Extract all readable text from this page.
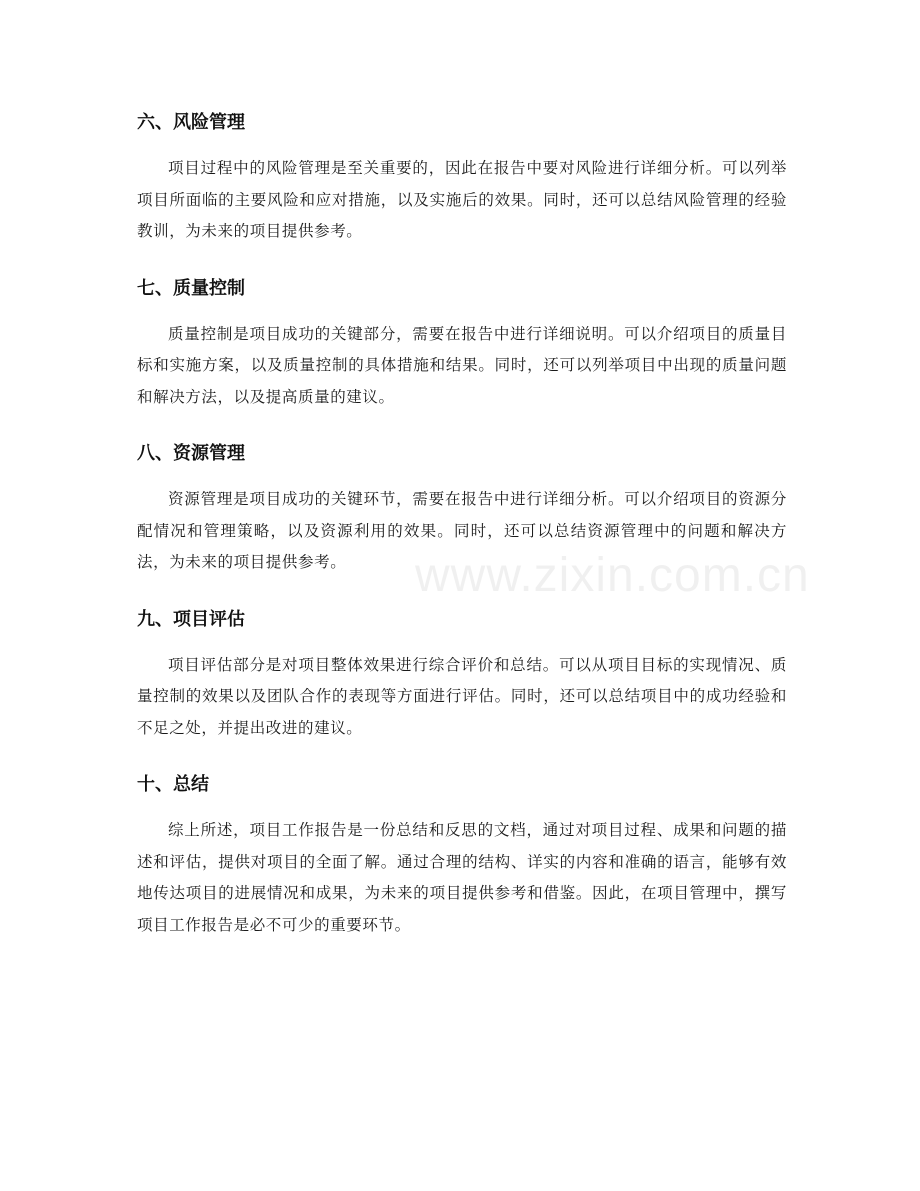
六、风险管理

项目过程中的风险管理是至关重要的，因此在报告中要对风险进行详细分析。可以列举项目所面临的主要风险和应对措施，以及实施后的效果。同时，还可以总结风险管理的经验教训，为未来的项目提供参考。

七、质量控制

质量控制是项目成功的关键部分，需要在报告中进行详细说明。可以介绍项目的质量目标和实施方案，以及质量控制的具体措施和结果。同时，还可以列举项目中出现的质量问题和解决方法，以及提高质量的建议。

八、资源管理

资源管理是项目成功的关键环节，需要在报告中进行详细分析。可以介绍项目的资源分配情况和管理策略，以及资源利用的效果。同时，还可以总结资源管理中的问题和解决方法，为未来的项目提供参考。

九、项目评估

项目评估部分是对项目整体效果进行综合评价和总结。可以从项目目标的实现情况、质量控制的效果以及团队合作的表现等方面进行评估。同时，还可以总结项目中的成功经验和不足之处，并提出改进的建议。

十、总结

综上所述，项目工作报告是一份总结和反思的文档，通过对项目过程、成果和问题的描述和评估，提供对项目的全面了解。通过合理的结构、详实的内容和准确的语言，能够有效地传达项目的进展情况和成果，为未来的项目提供参考和借鉴。因此，在项目管理中，撰写项目工作报告是必不可少的重要环节。

www.zixin.com.cn
